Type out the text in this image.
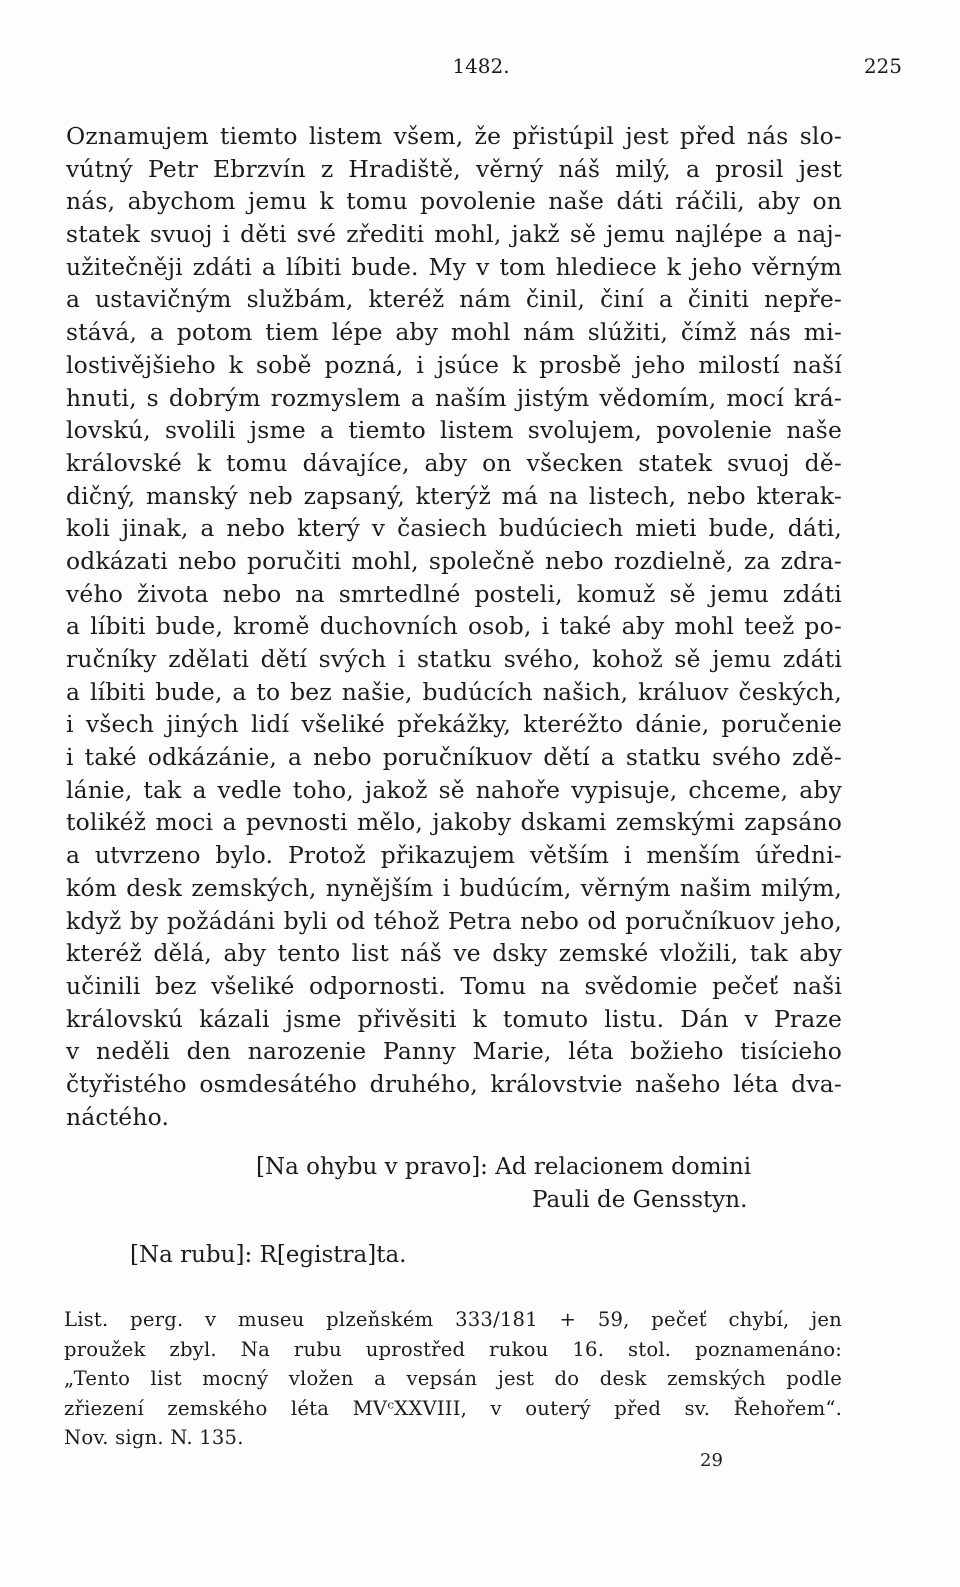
1482.	225
Oznamujem tiemto listem všem, že přistúpil jest před nás slo-
vútný Petr Ebrzvín z Hradiště, věrný náš milý, a prosil jest
nás, abychom jemu k tomu povolenie naše dáti ráčili, aby on
statek svuoj i děti své zřediti mohl, jakž sě jemu najlépe a naj-
užitečněji zdáti a líbiti bude. My v tom hlediece k jeho věrným
a ustavičným službám, kteréž nám činil, činí a činiti nepře-
stává, a potom tiem lépe aby mohl nám slúžiti, čímž nás mi-
lostivějšieho k sobě pozná, i jsúce k prosbě jeho milostí naší
hnuti, s dobrým rozmyslem a naším jistým vědomím, mocí krá-
lovskú, svolili jsme a tiemto listem svolujem, povolenie naše
královské k tomu dávajíce, aby on všecken statek svuoj dě-
dičný, manský neb zapsaný, kterýž má na listech, nebo kterak-
koli jinak, a nebo který v časiech budúciech mieti bude, dáti,
odkázati nebo poručiti mohl, společně nebo rozdielně, za zdra-
vého života nebo na smrtedlné posteli, komuž sě jemu zdáti
a líbiti bude, kromě duchovních osob, i také aby mohl teež po-
ručníky zdělati dětí svých i statku svého, kohož sě jemu zdáti
a líbiti bude, a to bez našie, budúcích našich, králuov českých,
i všech jiných lidí všeliké překážky, kteréžto dánie, poručenie
i také odkázánie, a nebo poručníkuov dětí a statku svého zdě-
lánie, tak a vedle toho, jakož sě nahoře vypisuje, chceme, aby
tolikéž moci a pevnosti mělo, jakoby dskami zemskými zapsáno
a utvrzeno bylo. Protož přikazujem větším i menším úředni-
kóm desk zemských, nynějším i budúcím, věrným našim milým,
když by požádáni byli od téhož Petra nebo od poručníkuov jeho,
kteréž dělá, aby tento list náš ve dsky zemské vložili, tak aby
učinili bez všeliké odpornosti. Tomu na svědomie pečeť naši
královskú kázali jsme přivěsiti k tomuto listu. Dán v Praze
v neděli den narozenie Panny Marie, léta božieho tisícieho
čtyřistého osmdesátého druhého, královstvie našeho léta dva-
náctého.
[Na ohybu v pravo]: Ad relacionem domini
Pauli de Gensstyn.
[Na rubu]: R[egistra]ta.
List. perg. v museu plzeňském 333/181 + 59, pečeť chybí, jen
proužek zbyl. Na rubu uprostřed rukou 16. stol. poznamenáno:
„Tento list mocný vložen a vepsán jest do desk zemských podle
zřiezení zemského léta MVᶜXXVIII, v outerý před sv. Řehořem“.
Nov. sign. N. 135.
29
